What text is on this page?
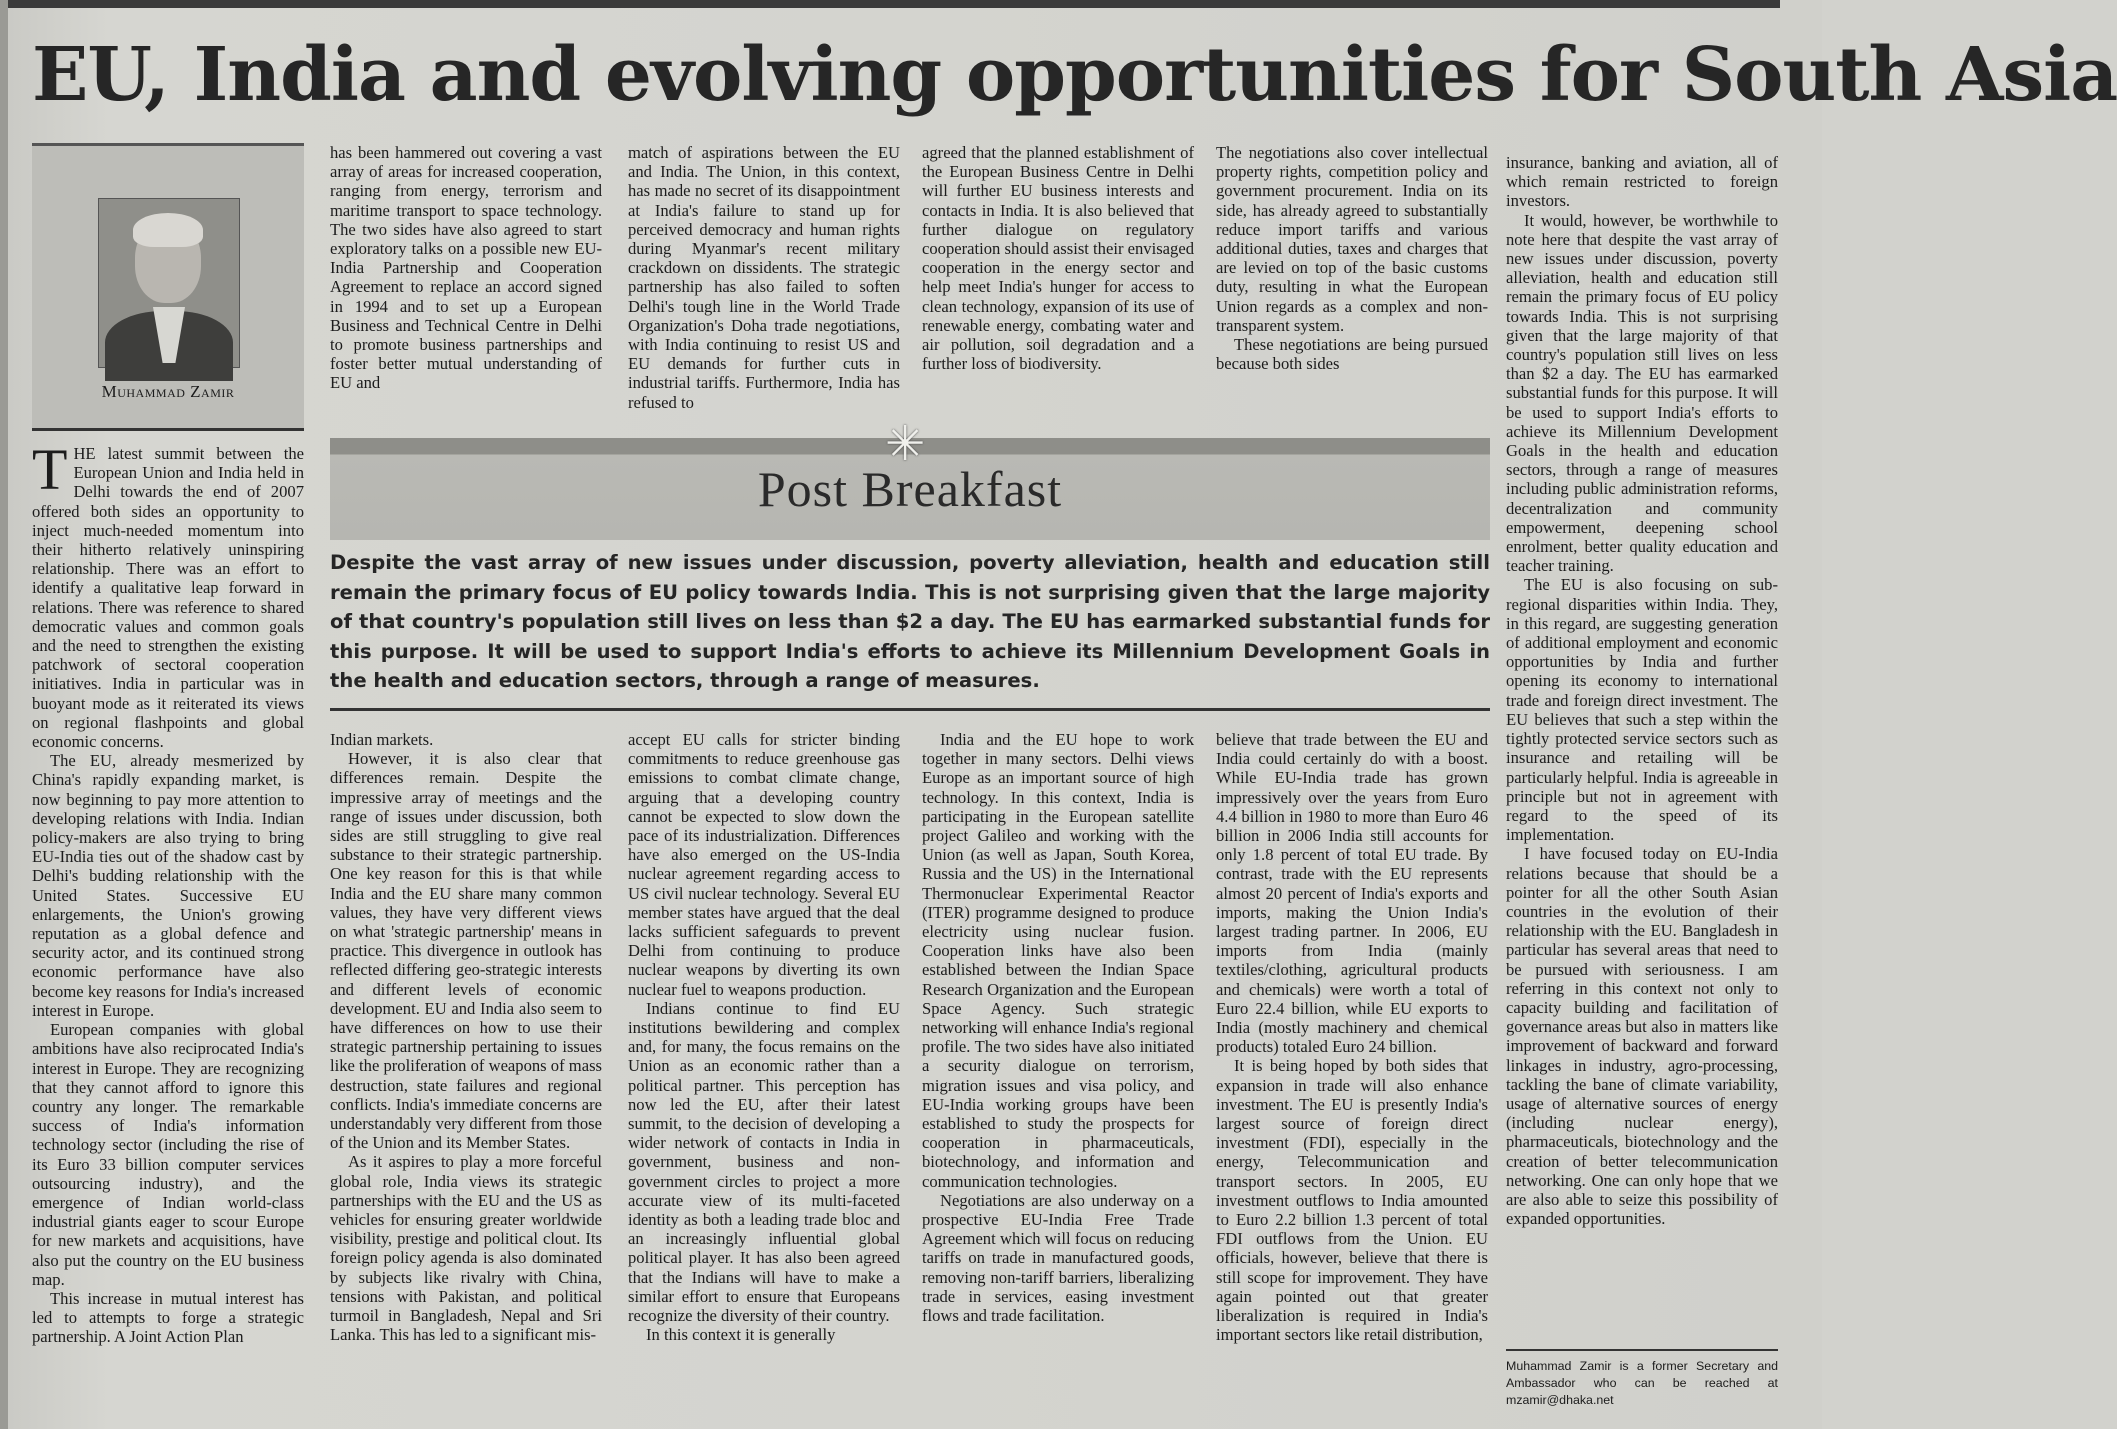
EU, India and evolving opportunities for South Asia
Muhammad Zamir

THE latest summit between the European Union and India held in Delhi towards the end of 2007 offered both sides an opportunity to inject much-needed momentum into their hitherto relatively uninspiring relationship. There was an effort to identify a qualitative leap forward in relations. There was reference to shared democratic values and common goals and the need to strengthen the existing patchwork of sectoral cooperation initiatives. India in particular was in buoyant mode as it reiterated its views on regional flashpoints and global economic concerns.

The EU, already mesmerized by China's rapidly expanding market, is now beginning to pay more attention to developing relations with India. Indian policy-makers are also trying to bring EU-India ties out of the shadow cast by Delhi's budding relationship with the United States. Successive EU enlargements, the Union's growing reputation as a global defence and security actor, and its continued strong economic performance have also become key reasons for India's increased interest in Europe.

European companies with global ambitions have also reciprocated India's interest in Europe. They are recognizing that they cannot afford to ignore this country any longer. The remarkable success of India's information technology sector (including the rise of its Euro 33 billion computer services outsourcing industry), and the emergence of Indian world-class industrial giants eager to scour Europe for new markets and acquisitions, have also put the country on the EU business map.

This increase in mutual interest has led to attempts to forge a strategic partnership. A Joint Action Plan

has been hammered out covering a vast array of areas for increased cooperation, ranging from energy, terrorism and maritime transport to space technology. The two sides have also agreed to start exploratory talks on a possible new EU-India Partnership and Cooperation Agreement to replace an accord signed in 1994 and to set up a European Business and Technical Centre in Delhi to promote business partnerships and foster better mutual understanding of EU and

match of aspirations between the EU and India. The Union, in this context, has made no secret of its disappointment at India's failure to stand up for perceived democracy and human rights during Myanmar's recent military crackdown on dissidents. The strategic partnership has also failed to soften Delhi's tough line in the World Trade Organization's Doha trade negotiations, with India continuing to resist US and EU demands for further cuts in industrial tariffs. Furthermore, India has refused to

agreed that the planned establishment of the European Business Centre in Delhi will further EU business interests and contacts in India. It is also believed that further dialogue on regulatory cooperation should assist their envisaged cooperation in the energy sector and help meet India's hunger for access to clean technology, expansion of its use of renewable energy, combating water and air pollution, soil degradation and a further loss of biodiversity.

The negotiations also cover intellectual property rights, competition policy and government procurement. India on its side, has already agreed to substantially reduce import tariffs and various additional duties, taxes and charges that are levied on top of the basic customs duty, resulting in what the European Union regards as a complex and non-transparent system.

These negotiations are being pursued because both sides

✳
Post Breakfast

Despite the vast array of new issues under discussion, poverty alleviation, health and education still remain the primary focus of EU policy towards India. This is not surprising given that the large majority of that country's population still lives on less than $2 a day. The EU has earmarked substantial funds for this purpose. It will be used to support India's efforts to achieve its Millennium Development Goals in the health and education sectors, through a range of measures.

Indian markets.

However, it is also clear that differences remain. Despite the impressive array of meetings and the range of issues under discussion, both sides are still struggling to give real substance to their strategic partnership. One key reason for this is that while India and the EU share many common values, they have very different views on what 'strategic partnership' means in practice. This divergence in outlook has reflected differing geo-strategic interests and different levels of economic development. EU and India also seem to have differences on how to use their strategic partnership pertaining to issues like the proliferation of weapons of mass destruction, state failures and regional conflicts. India's immediate concerns are understandably very different from those of the Union and its Member States.

As it aspires to play a more forceful global role, India views its strategic partnerships with the EU and the US as vehicles for ensuring greater worldwide visibility, prestige and political clout. Its foreign policy agenda is also dominated by subjects like rivalry with China, tensions with Pakistan, and political turmoil in Bangladesh, Nepal and Sri Lanka. This has led to a significant mis-

accept EU calls for stricter binding commitments to reduce greenhouse gas emissions to combat climate change, arguing that a developing country cannot be expected to slow down the pace of its industrialization. Differences have also emerged on the US-India nuclear agreement regarding access to US civil nuclear technology. Several EU member states have argued that the deal lacks sufficient safeguards to prevent Delhi from continuing to produce nuclear weapons by diverting its own nuclear fuel to weapons production.

Indians continue to find EU institutions bewildering and complex and, for many, the focus remains on the Union as an economic rather than a political partner. This perception has now led the EU, after their latest summit, to the decision of developing a wider network of contacts in India in government, business and non-government circles to project a more accurate view of its multi-faceted identity as both a leading trade bloc and an increasingly influential global political player. It has also been agreed that the Indians will have to make a similar effort to ensure that Europeans recognize the diversity of their country.

In this context it is generally

India and the EU hope to work together in many sectors. Delhi views Europe as an important source of high technology. In this context, India is participating in the European satellite project Galileo and working with the Union (as well as Japan, South Korea, Russia and the US) in the International Thermonuclear Experimental Reactor (ITER) programme designed to produce electricity using nuclear fusion. Cooperation links have also been established between the Indian Space Research Organization and the European Space Agency. Such strategic networking will enhance India's regional profile. The two sides have also initiated a security dialogue on terrorism, migration issues and visa policy, and EU-India working groups have been established to study the prospects for cooperation in pharmaceuticals, biotechnology, and information and communication technologies.

Negotiations are also underway on a prospective EU-India Free Trade Agreement which will focus on reducing tariffs on trade in manufactured goods, removing non-tariff barriers, liberalizing trade in services, easing investment flows and trade facilitation.

believe that trade between the EU and India could certainly do with a boost. While EU-India trade has grown impressively over the years from Euro 4.4 billion in 1980 to more than Euro 46 billion in 2006 India still accounts for only 1.8 percent of total EU trade. By contrast, trade with the EU represents almost 20 percent of India's exports and imports, making the Union India's largest trading partner. In 2006, EU imports from India (mainly textiles/clothing, agricultural products and chemicals) were worth a total of Euro 22.4 billion, while EU exports to India (mostly machinery and chemical products) totaled Euro 24 billion.

It is being hoped by both sides that expansion in trade will also enhance investment. The EU is presently India's largest source of foreign direct investment (FDI), especially in the energy, Telecommunication and transport sectors. In 2005, EU investment outflows to India amounted to Euro 2.2 billion 1.3 percent of total FDI outflows from the Union. EU officials, however, believe that there is still scope for improvement. They have again pointed out that greater liberalization is required in India's important sectors like retail distribution,

insurance, banking and aviation, all of which remain restricted to foreign investors.

It would, however, be worthwhile to note here that despite the vast array of new issues under discussion, poverty alleviation, health and education still remain the primary focus of EU policy towards India. This is not surprising given that the large majority of that country's population still lives on less than $2 a day. The EU has earmarked substantial funds for this purpose. It will be used to support India's efforts to achieve its Millennium Development Goals in the health and education sectors, through a range of measures including public administration reforms, decentralization and community empowerment, deepening school enrolment, better quality education and teacher training.

The EU is also focusing on sub-regional disparities within India. They, in this regard, are suggesting generation of additional employment and economic opportunities by India and further opening its economy to international trade and foreign direct investment. The EU believes that such a step within the tightly protected service sectors such as insurance and retailing will be particularly helpful. India is agreeable in principle but not in agreement with regard to the speed of its implementation.

I have focused today on EU-India relations because that should be a pointer for all the other South Asian countries in the evolution of their relationship with the EU. Bangladesh in particular has several areas that need to be pursued with seriousness. I am referring in this context not only to capacity building and facilitation of governance areas but also in matters like improvement of backward and forward linkages in industry, agro-processing, tackling the bane of climate variability, usage of alternative sources of energy (including nuclear energy), pharmaceuticals, biotechnology and the creation of better telecommunication networking. One can only hope that we are also able to seize this possibility of expanded opportunities.

Muhammad Zamir is a former Secretary and Ambassador who can be reached at mzamir@dhaka.net
